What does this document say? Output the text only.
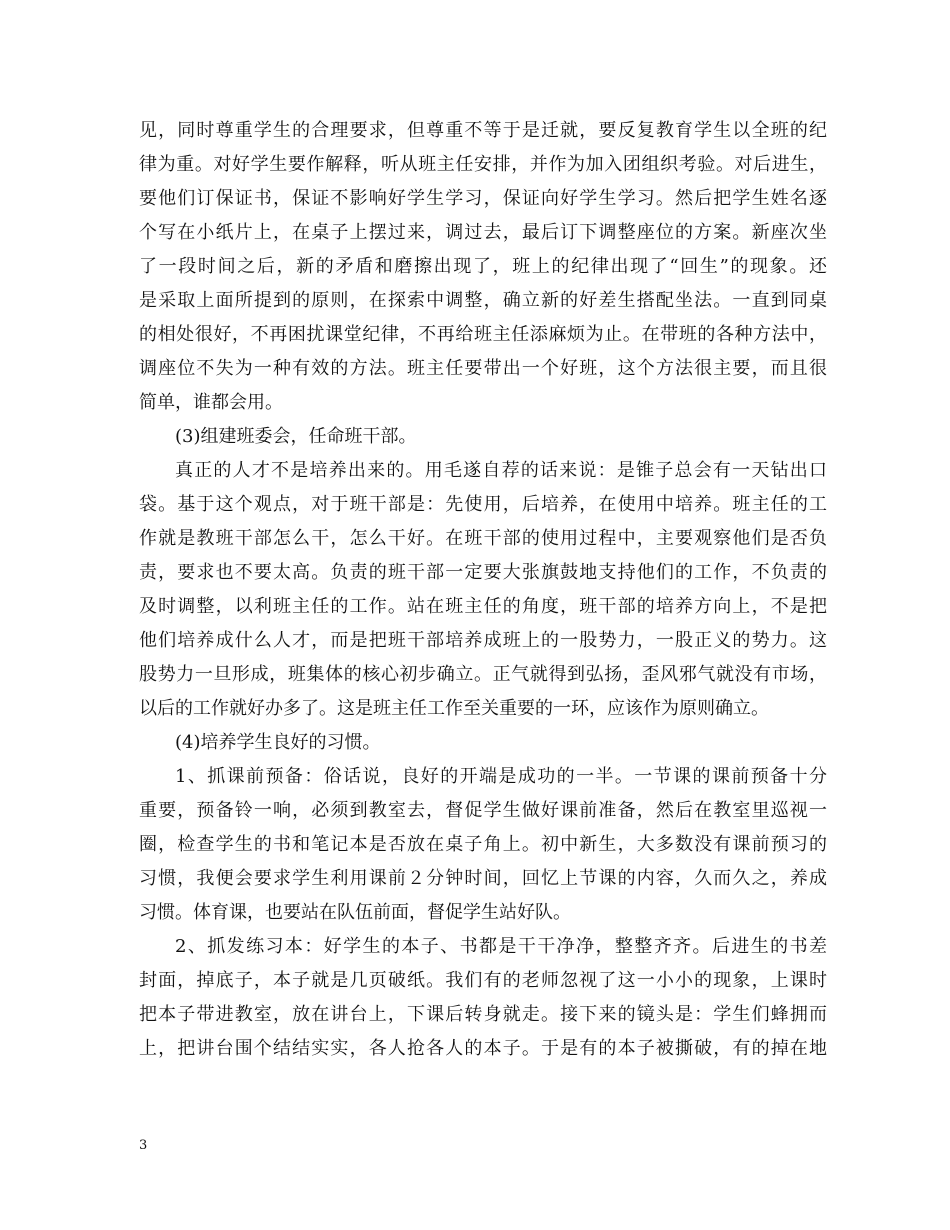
见，同时尊重学生的合理要求，但尊重不等于是迁就，要反复教育学生以全班的纪
律为重。对好学生要作解释，听从班主任安排，并作为加入团组织考验。对后进生，
要他们订保证书，保证不影响好学生学习，保证向好学生学习。然后把学生姓名逐
个写在小纸片上，在桌子上摆过来，调过去，最后订下调整座位的方案。新座次坐
了一段时间之后，新的矛盾和磨擦出现了，班上的纪律出现了“回生”的现象。还
是采取上面所提到的原则，在探索中调整，确立新的好差生搭配坐法。一直到同桌
的相处很好，不再困扰课堂纪律，不再给班主任添麻烦为止。在带班的各种方法中，
调座位不失为一种有效的方法。班主任要带出一个好班，这个方法很主要，而且很
简单，谁都会用。
(3)组建班委会，任命班干部。
真正的人才不是培养出来的。用毛遂自荐的话来说：是锥子总会有一天钻出口
袋。基于这个观点，对于班干部是：先使用，后培养，在使用中培养。班主任的工
作就是教班干部怎么干，怎么干好。在班干部的使用过程中，主要观察他们是否负
责，要求也不要太高。负责的班干部一定要大张旗鼓地支持他们的工作，不负责的
及时调整，以利班主任的工作。站在班主任的角度，班干部的培养方向上，不是把
他们培养成什么人才，而是把班干部培养成班上的一股势力，一股正义的势力。这
股势力一旦形成，班集体的核心初步确立。正气就得到弘扬，歪风邪气就没有市场，
以后的工作就好办多了。这是班主任工作至关重要的一环，应该作为原则确立。
(4)培养学生良好的习惯。
1、抓课前预备：俗话说，良好的开端是成功的一半。一节课的课前预备十分
重要，预备铃一响，必须到教室去，督促学生做好课前准备，然后在教室里巡视一
圈，检查学生的书和笔记本是否放在桌子角上。初中新生，大多数没有课前预习的
习惯，我便会要求学生利用课前２分钟时间，回忆上节课的内容，久而久之，养成
习惯。体育课，也要站在队伍前面，督促学生站好队。
2、抓发练习本：好学生的本子、书都是干干净净，整整齐齐。后进生的书差
封面，掉底子，本子就是几页破纸。我们有的老师忽视了这一小小的现象，上课时
把本子带进教室，放在讲台上，下课后转身就走。接下来的镜头是：学生们蜂拥而
上，把讲台围个结结实实，各人抢各人的本子。于是有的本子被撕破，有的掉在地
3
